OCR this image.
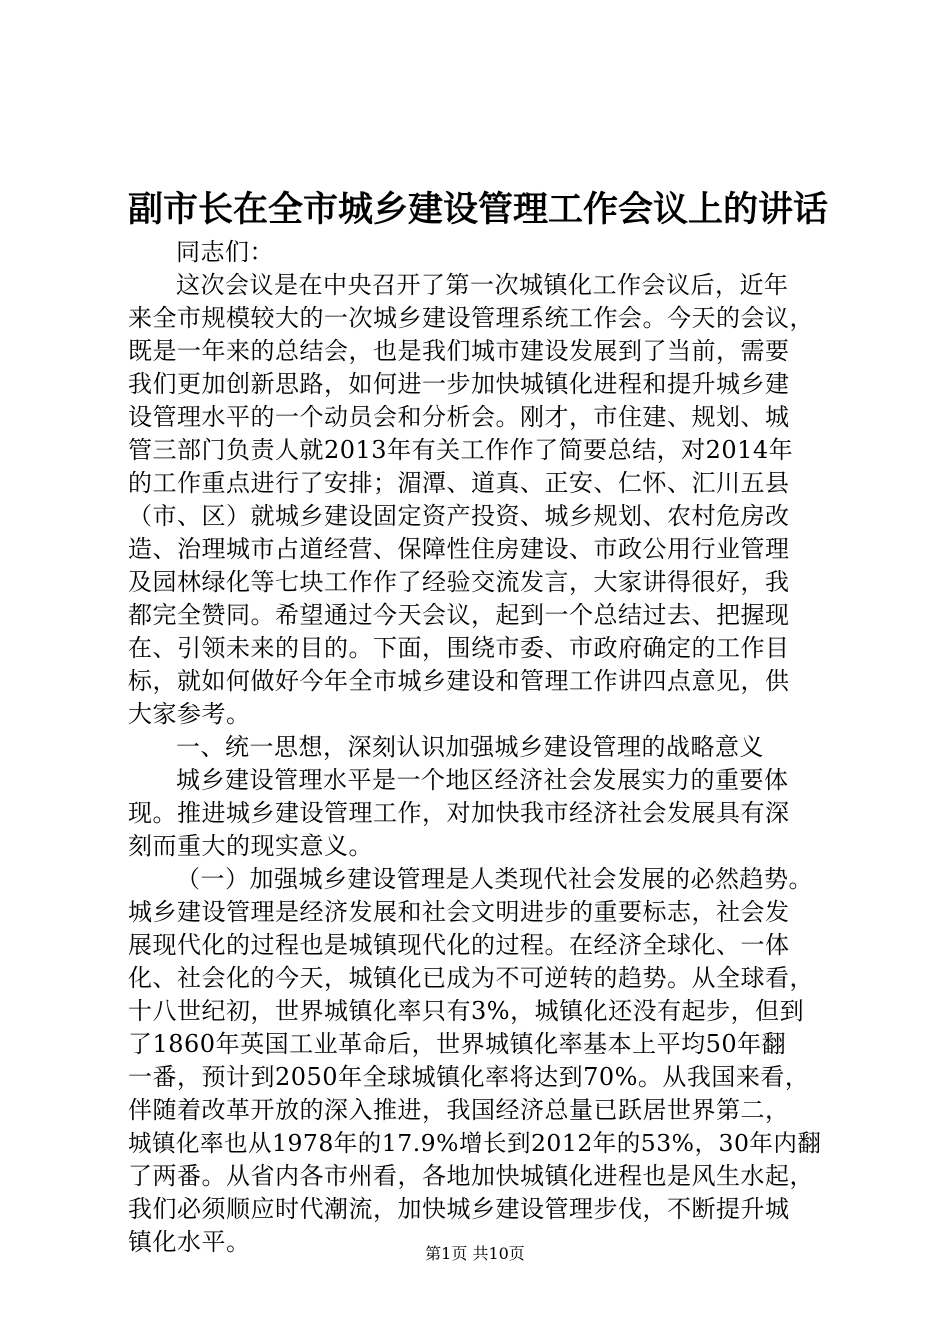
副市长在全市城乡建设管理工作会议上的讲话
同志们：
这次会议是在中央召开了第一次城镇化工作会议后，近年
来全市规模较大的一次城乡建设管理系统工作会。今天的会议，
既是一年来的总结会，也是我们城市建设发展到了当前，需要
我们更加创新思路，如何进一步加快城镇化进程和提升城乡建
设管理水平的一个动员会和分析会。刚才，市住建、规划、城
管三部门负责人就2013年有关工作作了简要总结，对2014年
的工作重点进行了安排；湄潭、道真、正安、仁怀、汇川五县
（市、区）就城乡建设固定资产投资、城乡规划、农村危房改
造、治理城市占道经营、保障性住房建设、市政公用行业管理
及园林绿化等七块工作作了经验交流发言，大家讲得很好，我
都完全赞同。希望通过今天会议，起到一个总结过去、把握现
在、引领未来的目的。下面，围绕市委、市政府确定的工作目
标，就如何做好今年全市城乡建设和管理工作讲四点意见，供
大家参考。
一、统一思想，深刻认识加强城乡建设管理的战略意义
城乡建设管理水平是一个地区经济社会发展实力的重要体
现。推进城乡建设管理工作，对加快我市经济社会发展具有深
刻而重大的现实意义。
（一）加强城乡建设管理是人类现代社会发展的必然趋势。
城乡建设管理是经济发展和社会文明进步的重要标志，社会发
展现代化的过程也是城镇现代化的过程。在经济全球化、一体
化、社会化的今天，城镇化已成为不可逆转的趋势。从全球看，
十八世纪初，世界城镇化率只有3%，城镇化还没有起步，但到
了1860年英国工业革命后，世界城镇化率基本上平均50年翻
一番，预计到2050年全球城镇化率将达到70%。从我国来看，
伴随着改革开放的深入推进，我国经济总量已跃居世界第二，
城镇化率也从1978年的17.9%增长到2012年的53%，30年内翻
了两番。从省内各市州看，各地加快城镇化进程也是风生水起，
我们必须顺应时代潮流，加快城乡建设管理步伐，不断提升城
镇化水平。	第1页 共10页
